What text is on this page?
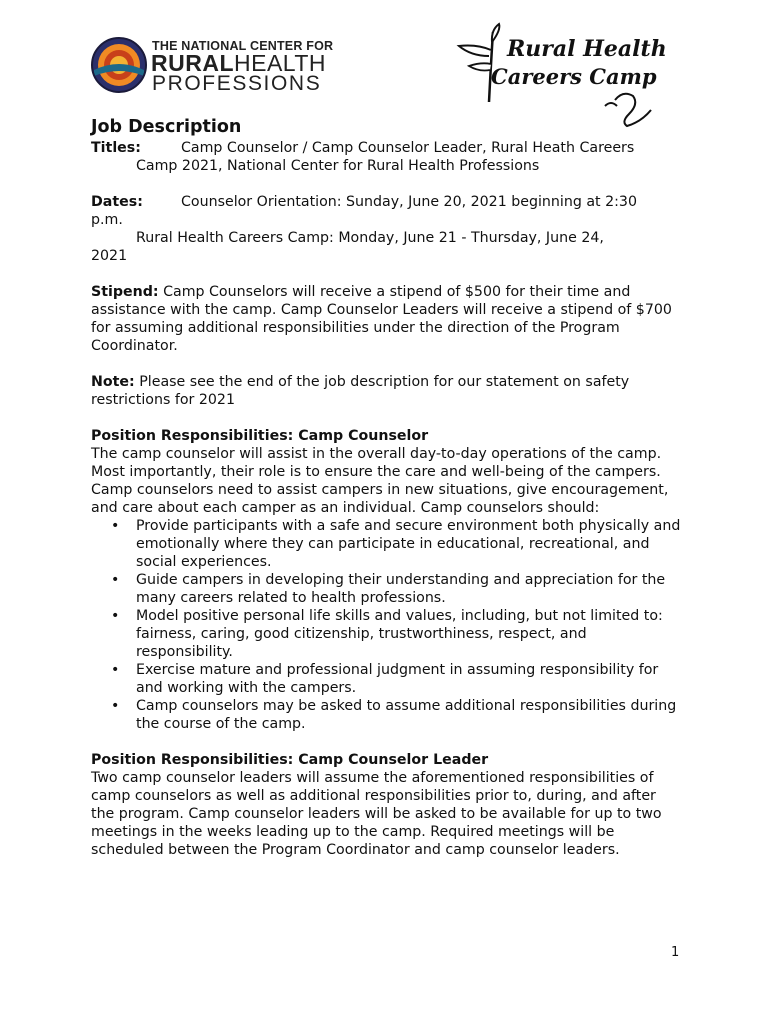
THE NATIONAL CENTER FOR
RURALHEALTH
PROFESSIONS
Rural Health
Careers Camp
Job Description
Titles:	Camp Counselor / Camp Counselor Leader, Rural Heath Careers

Camp 2021, National Center for Rural Health Professions

Dates:	Counselor Orientation: Sunday, June 20, 2021 beginning at 2:30

p.m.

Rural Health Careers Camp: Monday, June 21 - Thursday, June 24,

2021

Stipend: Camp Counselors will receive a stipend of $500 for their time and assistance with the camp. Camp Counselor Leaders will receive a stipend of $700 for assuming additional responsibilities under the direction of the Program Coordinator.

Note: Please see the end of the job description for our statement on safety restrictions for 2021

Position Responsibilities: Camp Counselor

The camp counselor will assist in the overall day-to-day operations of the camp. Most importantly, their role is to ensure the care and well-being of the campers. Camp counselors need to assist campers in new situations, give encouragement, and care about each camper as an individual. Camp counselors should:

• Provide participants with a safe and secure environment both physically and emotionally where they can participate in educational, recreational, and social experiences.
• Guide campers in developing their understanding and appreciation for the many careers related to health professions.
• Model positive personal life skills and values, including, but not limited to: fairness, caring, good citizenship, trustworthiness, respect, and responsibility.
• Exercise mature and professional judgment in assuming responsibility for and working with the campers.
• Camp counselors may be asked to assume additional responsibilities during the course of the camp.

Position Responsibilities: Camp Counselor Leader

Two camp counselor leaders will assume the aforementioned responsibilities of camp counselors as well as additional responsibilities prior to, during, and after the program. Camp counselor leaders will be asked to be available for up to two meetings in the weeks leading up to the camp. Required meetings will be scheduled between the Program Coordinator and camp counselor leaders.

1
